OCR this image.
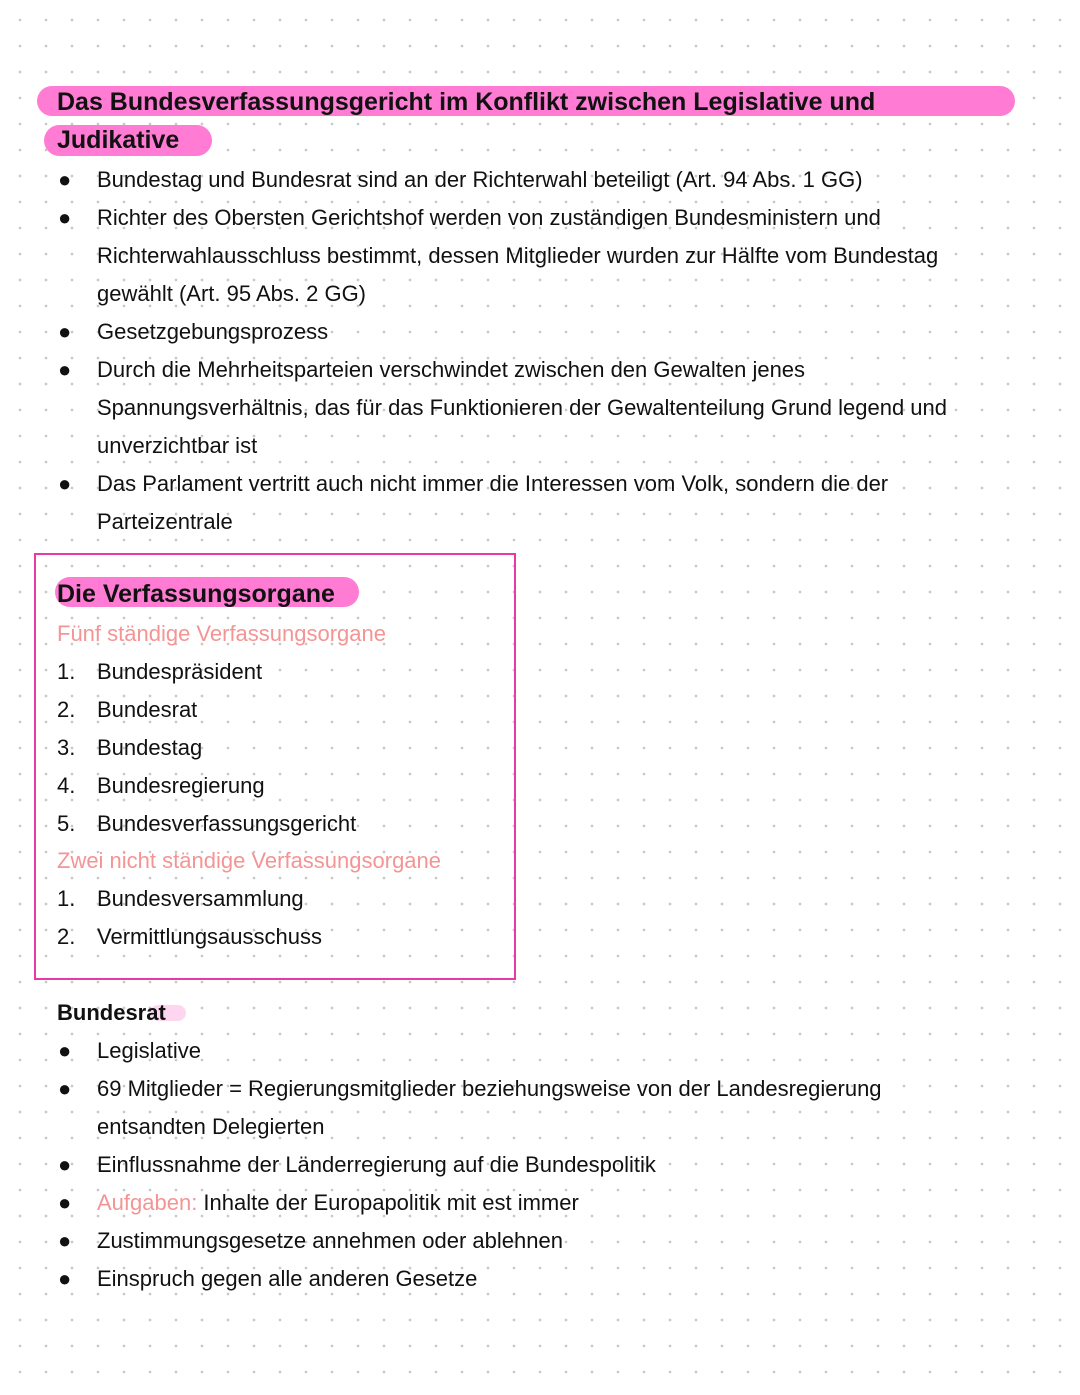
Das Bundesverfassungsgericht im Konflikt zwischen Legislative und
Judikative
● Bundestag und Bundesrat sind an der Richterwahl beteiligt (Art. 94 Abs. 1 GG)
● Richter des Obersten Gerichtshof werden von zuständigen Bundesministern und
Richterwahlausschluss bestimmt, dessen Mitglieder wurden zur Hälfte vom Bundestag
gewählt (Art. 95 Abs. 2 GG)
● Gesetzgebungsprozess
● Durch die Mehrheitsparteien verschwindet zwischen den Gewalten jenes
Spannungsverhältnis, das für das Funktionieren der Gewaltenteilung Grund legend und
unverzichtbar ist
● Das Parlament vertritt auch nicht immer die Interessen vom Volk, sondern die der
Parteizentrale
Die Verfassungsorgane
Fünf ständige Verfassungsorgane
1. Bundespräsident
2. Bundesrat
3. Bundestag
4. Bundesregierung
5. Bundesverfassungsgericht
Zwei nicht ständige Verfassungsorgane
1. Bundesversammlung
2. Vermittlungsausschuss
Bundesrat
● Legislative
● 69 Mitglieder = Regierungsmitglieder beziehungsweise von der Landesregierung
entsandten Delegierten
● Einflussnahme der Länderregierung auf die Bundespolitik
● Aufgaben: Inhalte der Europapolitik mit est immer
● Zustimmungsgesetze annehmen oder ablehnen
● Einspruch gegen alle anderen Gesetze
